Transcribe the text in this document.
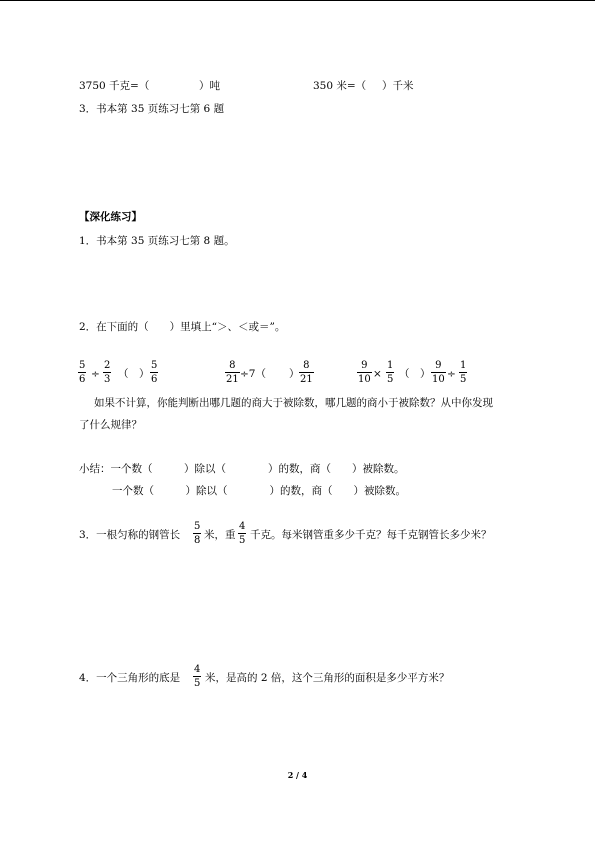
3750 千克=（	）吨	350 米=（ ）千米
3．书本第 35 页练习七第 6 题
【深化练习】
1．书本第 35 页练习七第 8 题。
2．在下面的（　　）里填上“＞、＜或＝”。
5
6 ÷
2
3 （　）
5
6
8
21 ÷7（ 　　）
8
21
9
10 ×
1
5 （　）
9
10 ÷
1
5
如果不计算，你能判断出哪几题的商大于被除数，哪几题的商小于被除数？从中你发现
了什么规律？
小结：一个数（　　　）除以（　　　　）的数，商（　　）被除数。
一个数（　　　）除以（　　　　）的数，商（　　）被除数。
3．一根匀称的钢管长
5
8 米，重
4
5 千克。每米钢管重多少千克？每千克钢管长多少米？
4．一个三角形的底是
4
5 米，是高的 2 倍，这个三角形的面积是多少平方米？
2 / 4
